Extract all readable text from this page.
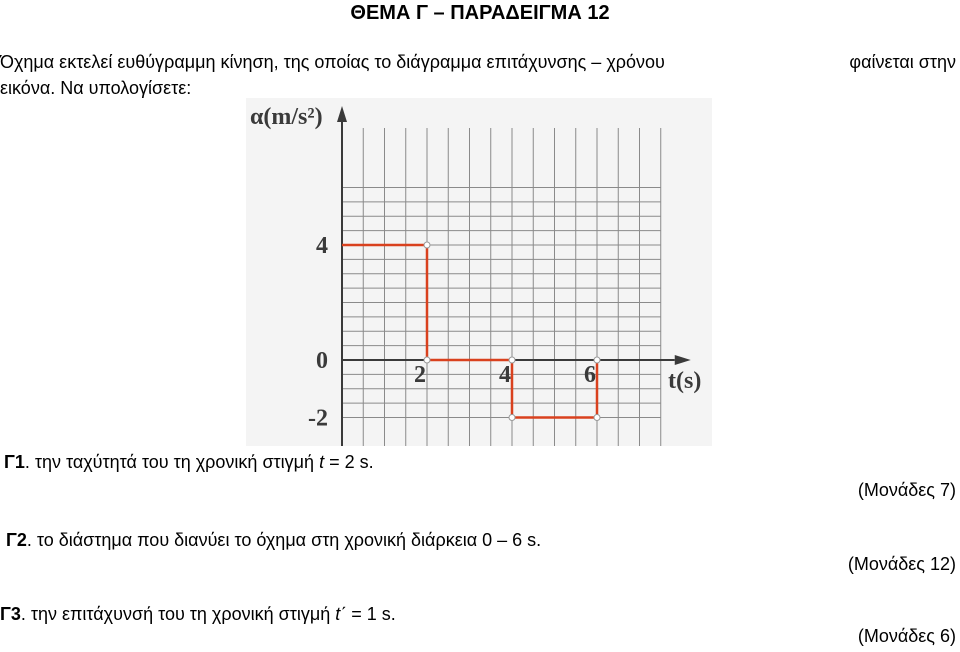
ΘΕΜΑ Γ – ΠΑΡΑΔΕΙΓΜΑ 12
Όχημα εκτελεί ευθύγραμμη κίνηση, της οποίας το διάγραμμα επιτάχυνσης – χρόνου	φαίνεται στην
εικόνα. Να υπολογίσετε:
2	4	6
4
0
-2
α(m/s²)
t(s)
Γ1. την ταχύτητά του τη χρονική στιγμή t = 2 s.
(Μονάδες 7)
Γ2. το διάστημα που διανύει το όχημα στη χρονική διάρκεια 0 – 6 s.
(Μονάδες 12)
Γ3. την επιτάχυνσή του τη χρονική στιγμή t΄ = 1 s.
(Μονάδες 6)
